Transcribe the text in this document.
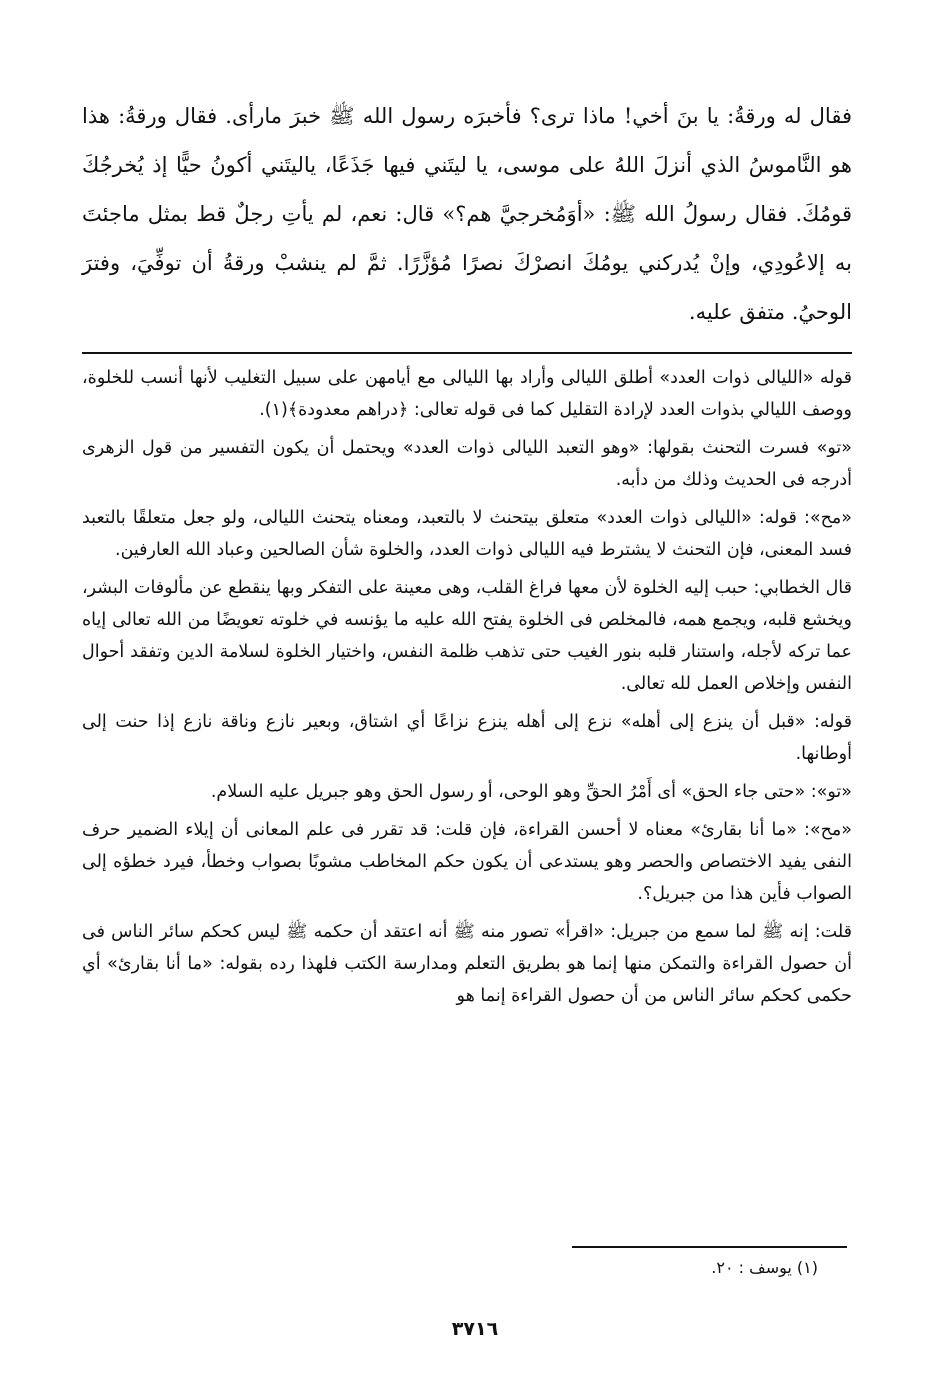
فقال له ورقةُ: يا بنَ أخي! ماذا ترى؟ فأخبرَه رسول الله ﷺ خبرَ مارأى. فقال ورقةُ: هذا هو النَّاموسُ الذي أنزلَ اللهُ على موسى، يا ليتَني فيها جَذَعًا، ياليتَني أكونُ حيًّا إذ يُخرجُكَ قومُكَ. فقال رسولُ الله ﷺ: «أوَمُخرجيَّ هم؟» قال: نعم، لم يأتِ رجلٌ قط بمثل ماجئتَ به إلاعُودِي، وإنْ يُدركني يومُكَ انصرْكَ نصرًا مُؤزَّرًا. ثمَّ لم ينشبْ ورقةُ أن توفِّيَ، وفترَ الوحيُ. متفق عليه.

قوله «الليالى ذوات العدد» أطلق الليالى وأراد بها الليالى مع أيامهن على سبيل التغليب لأنها أنسب للخلوة، ووصف الليالي بذوات العدد لإرادة التقليل كما فى قوله تعالى: ﴿دراهم معدودة﴾(١).

«تو» فسرت التحنث بقولها: «وهو التعبد الليالى ذوات العدد» ويحتمل أن يكون التفسير من قول الزهرى أدرجه فى الحديث وذلك من دأبه.

«مح»: قوله: «الليالى ذوات العدد» متعلق بيتحنث لا بالتعبد، ومعناه يتحنث الليالى، ولو جعل متعلقًا بالتعبد فسد المعنى، فإن التحنث لا يشترط فيه الليالى ذوات العدد، والخلوة شأن الصالحين وعباد الله العارفين.

قال الخطابي: حبب إليه الخلوة لأن معها فراغ القلب، وهى معينة على التفكر وبها ينقطع عن مألوفات البشر، ويخشع قلبه، ويجمع همه، فالمخلص فى الخلوة يفتح الله عليه ما يؤنسه في خلوته تعويضًا من الله تعالى إياه عما تركه لأجله، واستنار قلبه بنور الغيب حتى تذهب ظلمة النفس، واختيار الخلوة لسلامة الدين وتفقد أحوال النفس وإخلاص العمل لله تعالى.

قوله: «قبل أن ينزع إلى أهله» نزع إلى أهله ينزع نزاعًا أي اشتاق، وبعير نازع وناقة نازع إذا حنت إلى أوطانها.

«تو»: «حتى جاء الحق» أى أَمْرُ الحقِّ وهو الوحى، أو رسول الحق وهو جبريل عليه السلام.

«مح»: «ما أنا بقارئ» معناه لا أحسن القراءة، فإن قلت: قد تقرر فى علم المعانى أن إيلاء الضمير حرف النفى يفيد الاختصاص والحصر وهو يستدعى أن يكون حكم المخاطب مشوبًا بصواب وخطأ، فيرد خطؤه إلى الصواب فأين هذا من جبريل؟.

قلت: إنه ﷺ لما سمع من جبريل: «اقرأ» تصور منه ﷺ أنه اعتقد أن حكمه ﷺ ليس كحكم سائر الناس فى أن حصول القراءة والتمكن منها إنما هو بطريق التعلم ومدارسة الكتب فلهذا رده بقوله: «ما أنا بقارئ» أي حكمى كحكم سائر الناس من أن حصول القراءة إنما هو

(١) يوسف : ٢٠.

٣٧١٦
